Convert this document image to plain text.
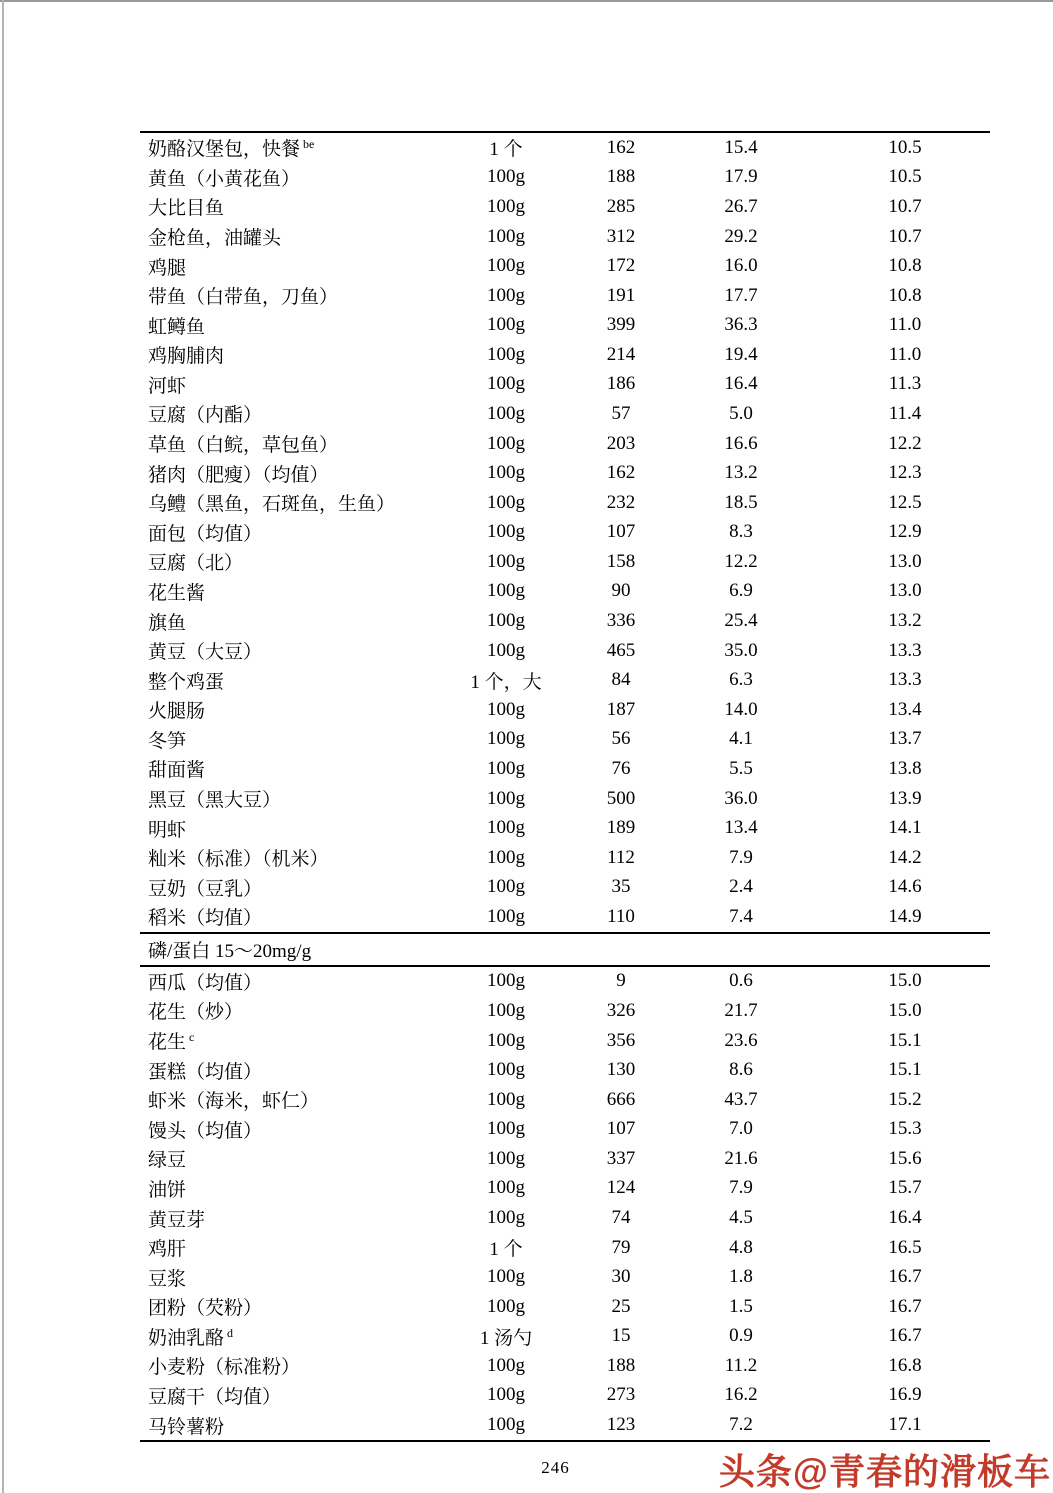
奶酪汉堡包，快餐 $^{be}$	1 个	162	15.4	10.5
黄鱼（小黄花鱼）	100g	188	17.9	10.5
大比目鱼	100g	285	26.7	10.7
金枪鱼，油罐头	100g	312	29.2	10.7
鸡腿	100g	172	16.0	10.8
带鱼（白带鱼，刀鱼）	100g	191	17.7	10.8
虹鳟鱼	100g	399	36.3	11.0
鸡胸脯肉	100g	214	19.4	11.0
河虾	100g	186	16.4	11.3
豆腐（内酯）	100g	57	5.0	11.4
草鱼（白鲩，草包鱼）	100g	203	16.6	12.2
猪肉（肥瘦）（均值）	100g	162	13.2	12.3
乌鳢（黑鱼，石斑鱼，生鱼）	100g	232	18.5	12.5
面包（均值）	100g	107	8.3	12.9
豆腐（北）	100g	158	12.2	13.0
花生酱	100g	90	6.9	13.0
旗鱼	100g	336	25.4	13.2
黄豆（大豆）	100g	465	35.0	13.3
整个鸡蛋	1 个，大	84	6.3	13.3
火腿肠	100g	187	14.0	13.4
冬笋	100g	56	4.1	13.7
甜面酱	100g	76	5.5	13.8
黑豆（黑大豆）	100g	500	36.0	13.9
明虾	100g	189	13.4	14.1
籼米（标准）（机米）	100g	112	7.9	14.2
豆奶（豆乳）	100g	35	2.4	14.6
稻米（均值）	100g	110	7.4	14.9
磷/蛋白 15～20mg/g
西瓜（均值）	100g	9	0.6	15.0
花生（炒）	100g	326	21.7	15.0
花生 $^c$	100g	356	23.6	15.1
蛋糕（均值）	100g	130	8.6	15.1
虾米（海米，虾仁）	100g	666	43.7	15.2
馒头（均值）	100g	107	7.0	15.3
绿豆	100g	337	21.6	15.6
油饼	100g	124	7.9	15.7
黄豆芽	100g	74	4.5	16.4
鸡肝	1 个	79	4.8	16.5
豆浆	100g	30	1.8	16.7
团粉（芡粉）	100g	25	1.5	16.7
奶油乳酪 $^d$	1 汤勺	15	0.9	16.7
小麦粉（标准粉）	100g	188	11.2	16.8
豆腐干（均值）	100g	273	16.2	16.9
马铃薯粉	100g	123	7.2	17.1
246	头条@青春的滑板车
